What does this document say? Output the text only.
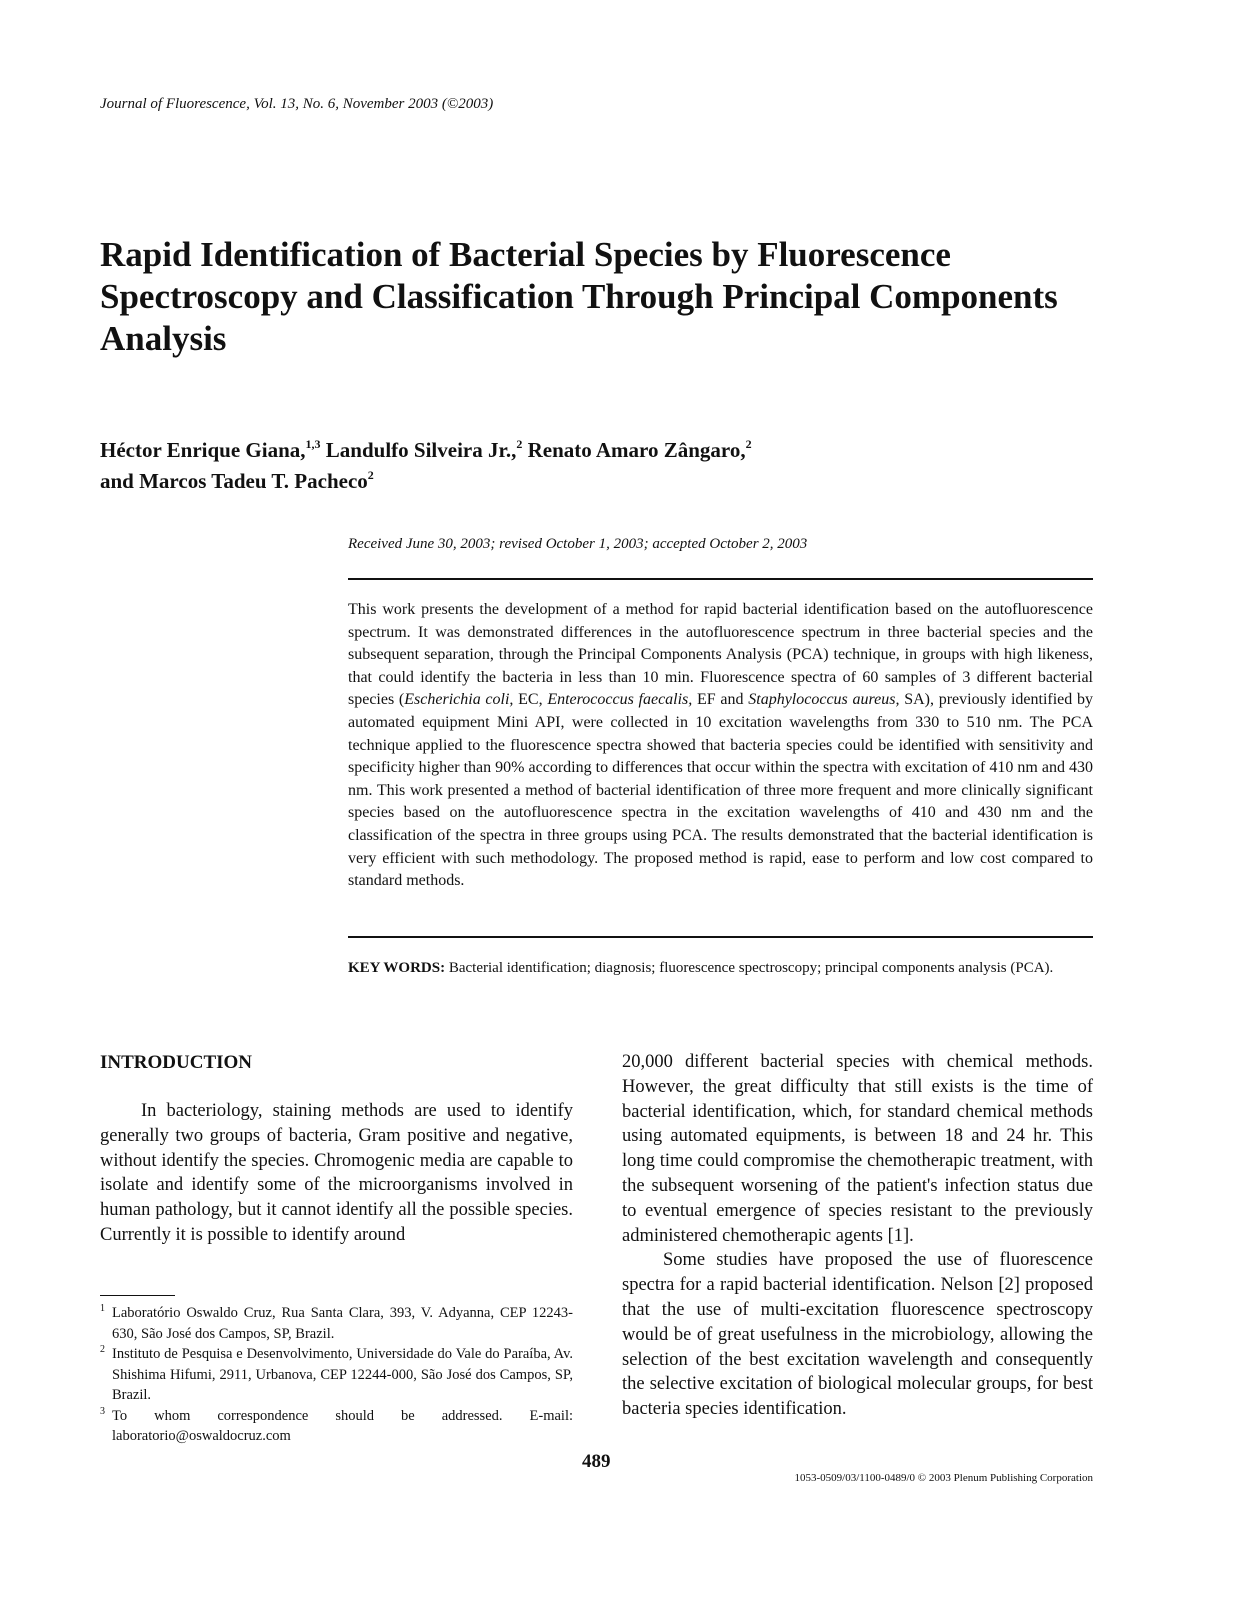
Journal of Fluorescence, Vol. 13, No. 6, November 2003 (©2003)
Rapid Identification of Bacterial Species by Fluorescence Spectroscopy and Classification Through Principal Components Analysis
Héctor Enrique Giana,$^{1,3}$ Landulfo Silveira Jr.,$^2$ Renato Amaro Zângaro,$^2$
and Marcos Tadeu T. Pacheco$^2$
Received June 30, 2003; revised October 1, 2003; accepted October 2, 2003

This work presents the development of a method for rapid bacterial identification based on the autofluorescence spectrum. It was demonstrated differences in the autofluorescence spectrum in three bacterial species and the subsequent separation, through the Principal Components Analysis (PCA) technique, in groups with high likeness, that could identify the bacteria in less than 10 min. Fluorescence spectra of 60 samples of 3 different bacterial species (Escherichia coli, EC, Enterococcus faecalis, EF and Staphylococcus aureus, SA), previously identified by automated equipment Mini API, were collected in 10 excitation wavelengths from 330 to 510 nm. The PCA technique applied to the fluorescence spectra showed that bacteria species could be identified with sensitivity and specificity higher than 90% according to differences that occur within the spectra with excitation of 410 nm and 430 nm. This work presented a method of bacterial identification of three more frequent and more clinically significant species based on the autofluorescence spectra in the excitation wavelengths of 410 and 430 nm and the classification of the spectra in three groups using PCA. The results demonstrated that the bacterial identification is very efficient with such methodology. The proposed method is rapid, ease to perform and low cost compared to standard methods.

KEY WORDS: Bacterial identification; diagnosis; fluorescence spectroscopy; principal components analysis (PCA).

INTRODUCTION

In bacteriology, staining methods are used to identify generally two groups of bacteria, Gram positive and negative, without identify the species. Chromogenic media are capable to isolate and identify some of the microorganisms involved in human pathology, but it cannot identify all the possible species. Currently it is possible to identify around

20,000 different bacterial species with chemical methods. However, the great difficulty that still exists is the time of bacterial identification, which, for standard chemical methods using automated equipments, is between 18 and 24 hr. This long time could compromise the chemotherapic treatment, with the subsequent worsening of the patient's infection status due to eventual emergence of species resistant to the previously administered chemotherapic agents [1].

Some studies have proposed the use of fluorescence spectra for a rapid bacterial identification. Nelson [2] proposed that the use of multi-excitation fluorescence spectroscopy would be of great usefulness in the microbiology, allowing the selection of the best excitation wavelength and consequently the selective excitation of biological molecular groups, for best bacteria species identification.

1 Laboratório Oswaldo Cruz, Rua Santa Clara, 393, V. Adyanna, CEP 12243-630, São José dos Campos, SP, Brazil.
2 Instituto de Pesquisa e Desenvolvimento, Universidade do Vale do Paraíba, Av. Shishima Hifumi, 2911, Urbanova, CEP 12244-000, São José dos Campos, SP, Brazil.
3 To whom correspondence should be addressed. E-mail: laboratorio@oswaldocruz.com
489
1053-0509/03/1100-0489/0 © 2003 Plenum Publishing Corporation
